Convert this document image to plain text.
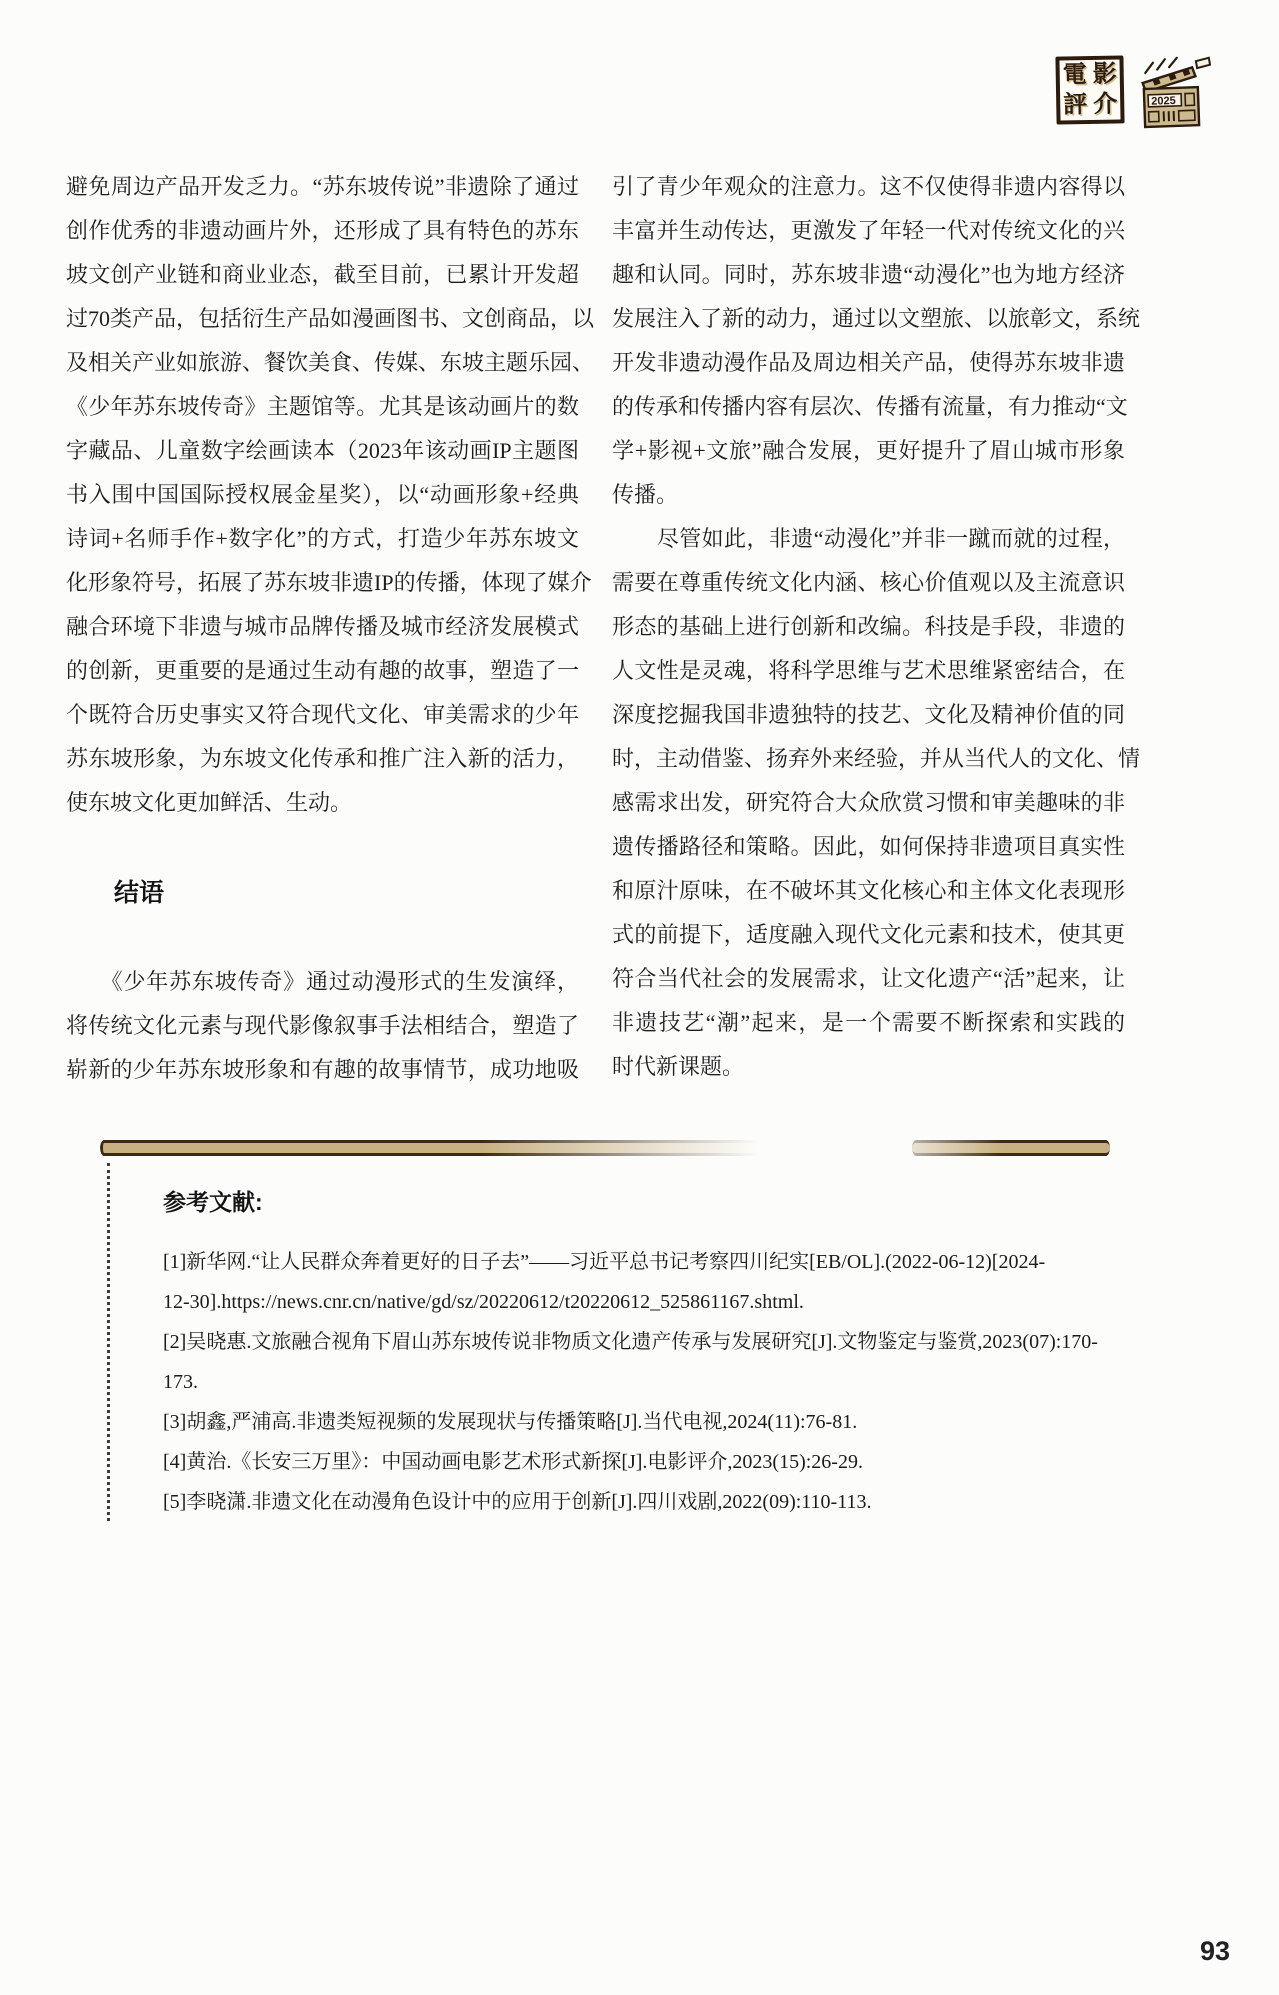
電 影
評 介	2025
避免周边产品开发乏力。“苏东坡传说”非遗除了通过
创作优秀的非遗动画片外，还形成了具有特色的苏东
坡文创产业链和商业业态，截至目前，已累计开发超
过70类产品，包括衍生产品如漫画图书、文创商品，以
及相关产业如旅游、餐饮美食、传媒、东坡主题乐园、
《少年苏东坡传奇》主题馆等。尤其是该动画片的数
字藏品、儿童数字绘画读本（2023年该动画IP主题图
书入围中国国际授权展金星奖），以“动画形象+经典
诗词+名师手作+数字化”的方式，打造少年苏东坡文
化形象符号，拓展了苏东坡非遗IP的传播，体现了媒介
融合环境下非遗与城市品牌传播及城市经济发展模式
的创新，更重要的是通过生动有趣的故事，塑造了一
个既符合历史事实又符合现代文化、审美需求的少年
苏东坡形象，为东坡文化传承和推广注入新的活力，
使东坡文化更加鲜活、生动。
结语
　　《少年苏东坡传奇》通过动漫形式的生发演绎，
将传统文化元素与现代影像叙事手法相结合，塑造了
崭新的少年苏东坡形象和有趣的故事情节，成功地吸
引了青少年观众的注意力。这不仅使得非遗内容得以
丰富并生动传达，更激发了年轻一代对传统文化的兴
趣和认同。同时，苏东坡非遗“动漫化”也为地方经济
发展注入了新的动力，通过以文塑旅、以旅彰文，系统
开发非遗动漫作品及周边相关产品，使得苏东坡非遗
的传承和传播内容有层次、传播有流量，有力推动“文
学+影视+文旅”融合发展，更好提升了眉山城市形象
传播。
　　尽管如此，非遗“动漫化”并非一蹴而就的过程，
需要在尊重传统文化内涵、核心价值观以及主流意识
形态的基础上进行创新和改编。科技是手段，非遗的
人文性是灵魂，将科学思维与艺术思维紧密结合，在
深度挖掘我国非遗独特的技艺、文化及精神价值的同
时，主动借鉴、扬弃外来经验，并从当代人的文化、情
感需求出发，研究符合大众欣赏习惯和审美趣味的非
遗传播路径和策略。因此，如何保持非遗项目真实性
和原汁原味，在不破坏其文化核心和主体文化表现形
式的前提下，适度融入现代文化元素和技术，使其更
符合当代社会的发展需求，让文化遗产“活”起来，让
非遗技艺“潮”起来，是一个需要不断探索和实践的
时代新课题。
参考文献:
[1]新华网.“让人民群众奔着更好的日子去”——习近平总书记考察四川纪实[EB/OL].(2022-06-12)[2024-
12-30].https://news.cnr.cn/native/gd/sz/20220612/t20220612_525861167.shtml.
[2]吴晓惠.文旅融合视角下眉山苏东坡传说非物质文化遗产传承与发展研究[J].文物鉴定与鉴赏,2023(07):170-
173.
[3]胡鑫,严浦高.非遗类短视频的发展现状与传播策略[J].当代电视,2024(11):76-81.
[4]黄治.《长安三万里》：中国动画电影艺术形式新探[J].电影评介,2023(15):26-29.
[5]李晓潇.非遗文化在动漫角色设计中的应用于创新[J].四川戏剧,2022(09):110-113.
93
